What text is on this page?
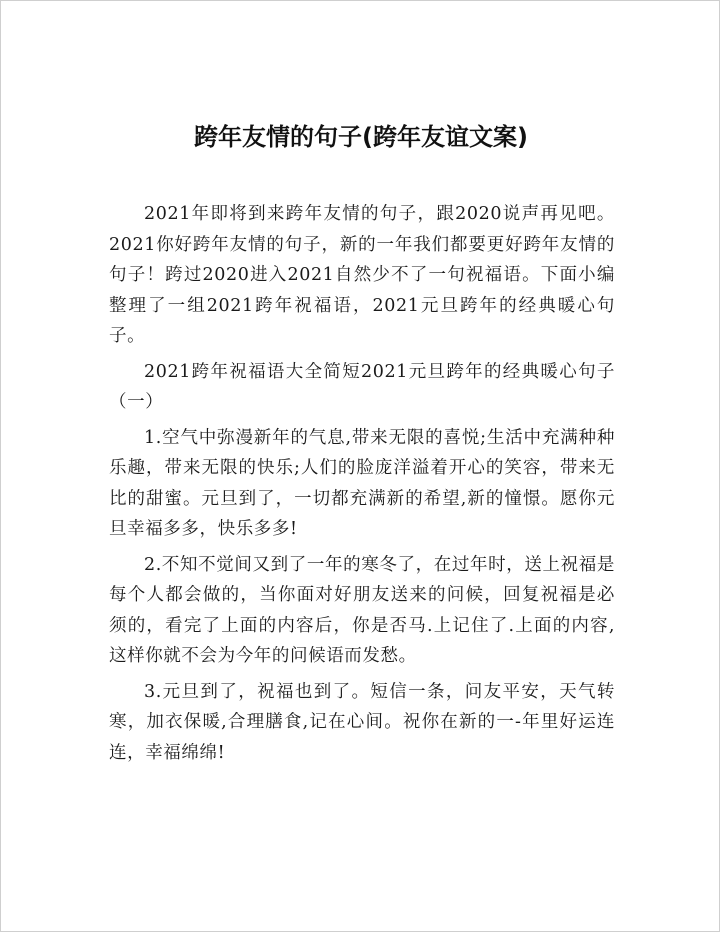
跨年友情的句子(跨年友谊文案)

2021年即将到来跨年友情的句子，跟2020说声再见吧。2021你好跨年友情的句子，新的一年我们都要更好跨年友情的句子！跨过2020进入2021自然少不了一句祝福语。下面小编整理了一组2021跨年祝福语，2021元旦跨年的经典暖心句子。

2021跨年祝福语大全简短2021元旦跨年的经典暖心句子（一）

1.空气中弥漫新年的气息,带来无限的喜悦;生活中充满种种乐趣，带来无限的快乐;人们的脸庞洋溢着开心的笑容，带来无比的甜蜜。元旦到了，一切都充满新的希望,新的憧憬。愿你元旦幸福多多，快乐多多!

2.不知不觉间又到了一年的寒冬了，在过年时，送上祝福是每个人都会做的，当你面对好朋友送来的问候，回复祝福是必须的，看完了上面的内容后，你是否马.上记住了.上面的内容,这样你就不会为今年的问候语而发愁。

3.元旦到了，祝福也到了。短信一条，问友平安，天气转寒，加衣保暖,合理膳食,记在心间。祝你在新的一-年里好运连连，幸福绵绵!
